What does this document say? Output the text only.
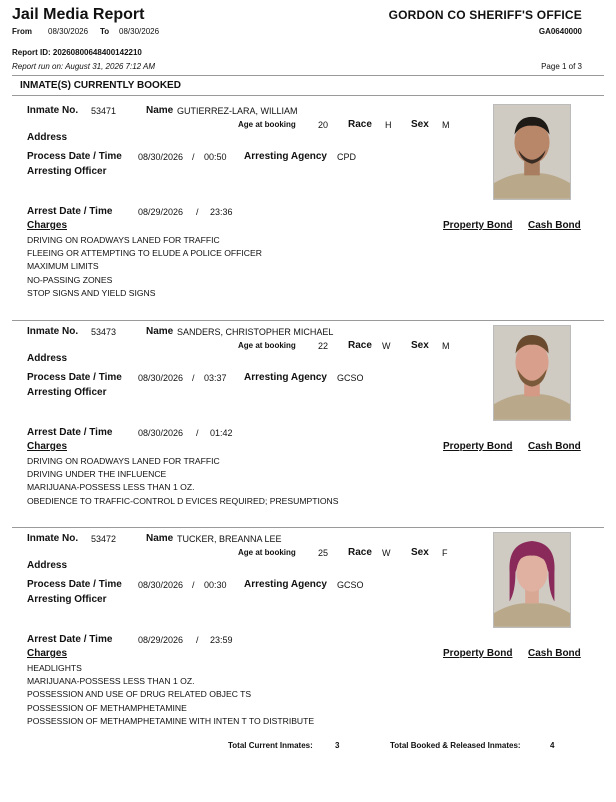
Jail Media Report
From 08/30/2026 To 08/30/2026
GORDON CO SHERIFF'S OFFICE
GA0640000
Report ID: 20260800648400142210
Report run on: August 31, 2026 7:12 AM	Page 1 of 3
INMATE(S) CURRENTLY BOOKED
Inmate No. 53471	Name GUTIERREZ-LARA, WILLIAM
Age at booking 20 Race H Sex M
Address
Process Date / Time 08/30/2026 / 00:50 Arresting Agency CPD
Arresting Officer
Arrest Date / Time	08/29/2026 / 23:36
Charges	Property Bond Cash Bond
DRIVING ON ROADWAYS LANED FOR TRAFFIC
FLEEING OR ATTEMPTING TO ELUDE A POLICE OFFICER
MAXIMUM LIMITS
NO-PASSING ZONES
STOP SIGNS AND YIELD SIGNS
Inmate No. 53473	Name SANDERS, CHRISTOPHER MICHAEL
Age at booking 22 Race W Sex M
Address
Process Date / Time 08/30/2026 / 03:37 Arresting Agency GCSO
Arresting Officer
Arrest Date / Time	08/30/2026 / 01:42
Charges	Property Bond Cash Bond
DRIVING ON ROADWAYS LANED FOR TRAFFIC
DRIVING UNDER THE INFLUENCE
MARIJUANA-POSSESS LESS THAN 1 OZ.
OBEDIENCE TO TRAFFIC-CONTROL D EVICES REQUIRED; PRESUMPTIONS
Inmate No. 53472	Name TUCKER, BREANNA LEE
Age at booking 25 Race W Sex F
Address
Process Date / Time 08/30/2026 / 00:30 Arresting Agency GCSO
Arresting Officer
Arrest Date / Time	08/29/2026 / 23:59
Charges	Property Bond Cash Bond
HEADLIGHTS
MARIJUANA-POSSESS LESS THAN 1 OZ.
POSSESSION AND USE OF DRUG RELATED OBJEC TS
POSSESSION OF METHAMPHETAMINE
POSSESSION OF METHAMPHETAMINE WITH INTEN T TO DISTRIBUTE
Total Current Inmates:	3	Total Booked & Released Inmates:	4
